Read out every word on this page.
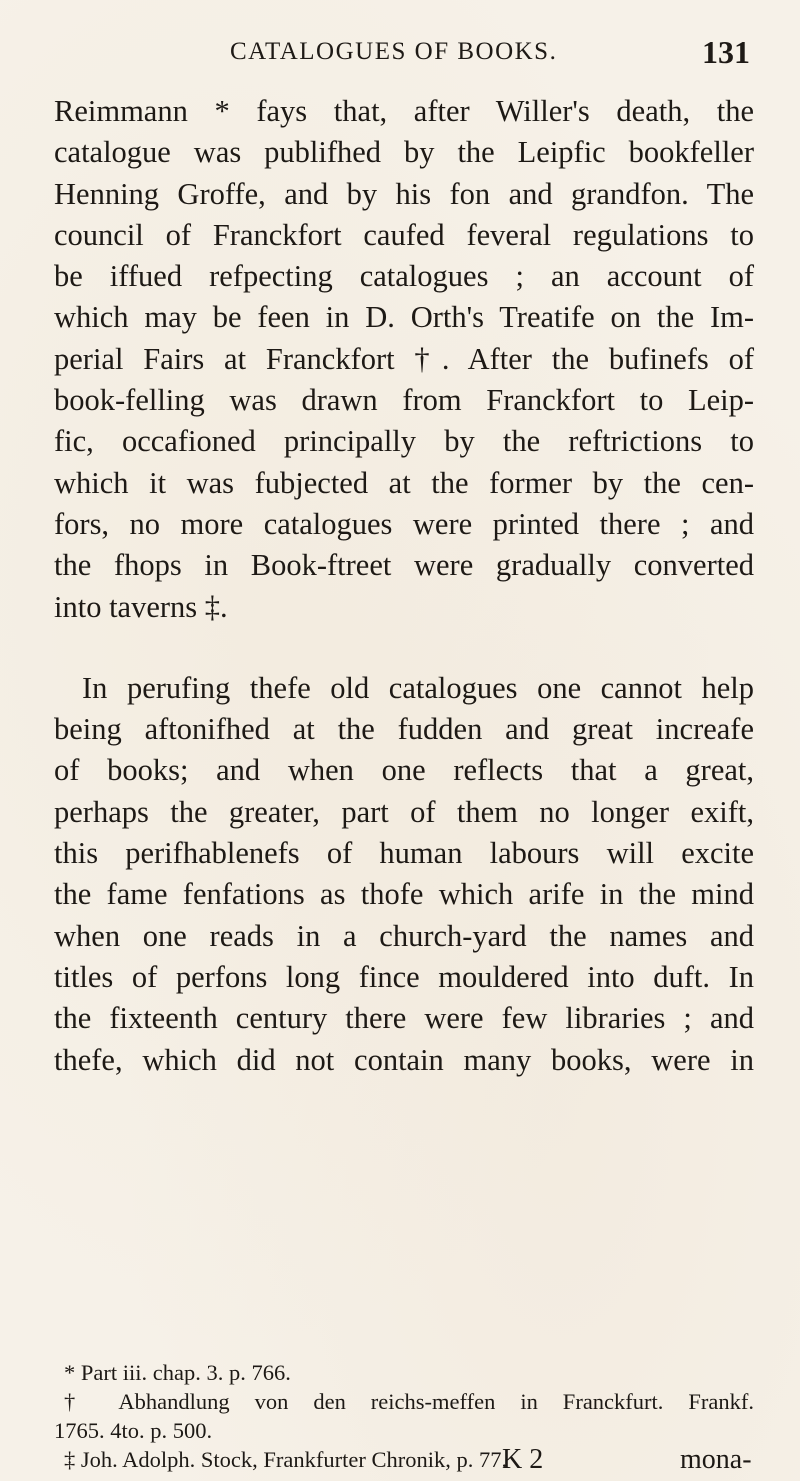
CATALOGUES OF BOOKS.	131
Reimmann * fays that, after Willer's death, the
catalogue was publifhed by the Leipfic bookfeller
Henning Groffe, and by his fon and grandfon. The
council of Franckfort caufed feveral regulations to
be iffued refpecting catalogues ; an account of
which may be feen in D. Orth's Treatife on the Im-
perial Fairs at Franckfort †. After the bufinefs of
book-felling was drawn from Franckfort to Leip-
fic, occafioned principally by the reftrictions to
which it was fubjected at the former by the cen-
fors, no more catalogues were printed there ; and
the fhops in Book-ftreet were gradually converted
into taverns ‡.
In perufing thefe old catalogues one cannot help
being aftonifhed at the fudden and great increafe
of books; and when one reflects that a great,
perhaps the greater, part of them no longer exift,
this perifhablenefs of human labours will excite
the fame fenfations as thofe which arife in the mind
when one reads in a church-yard the names and
titles of perfons long fince mouldered into duft. In
the fixteenth century there were few libraries ; and
thefe, which did not contain many books, were in
* Part iii. chap. 3. p. 766.
† Abhandlung von den reichs-meffen in Franckfurt. Frankf.
1765. 4to. p. 500.
‡ Joh. Adolph. Stock, Frankfurter Chronik, p. 77.
K 2	mona-
